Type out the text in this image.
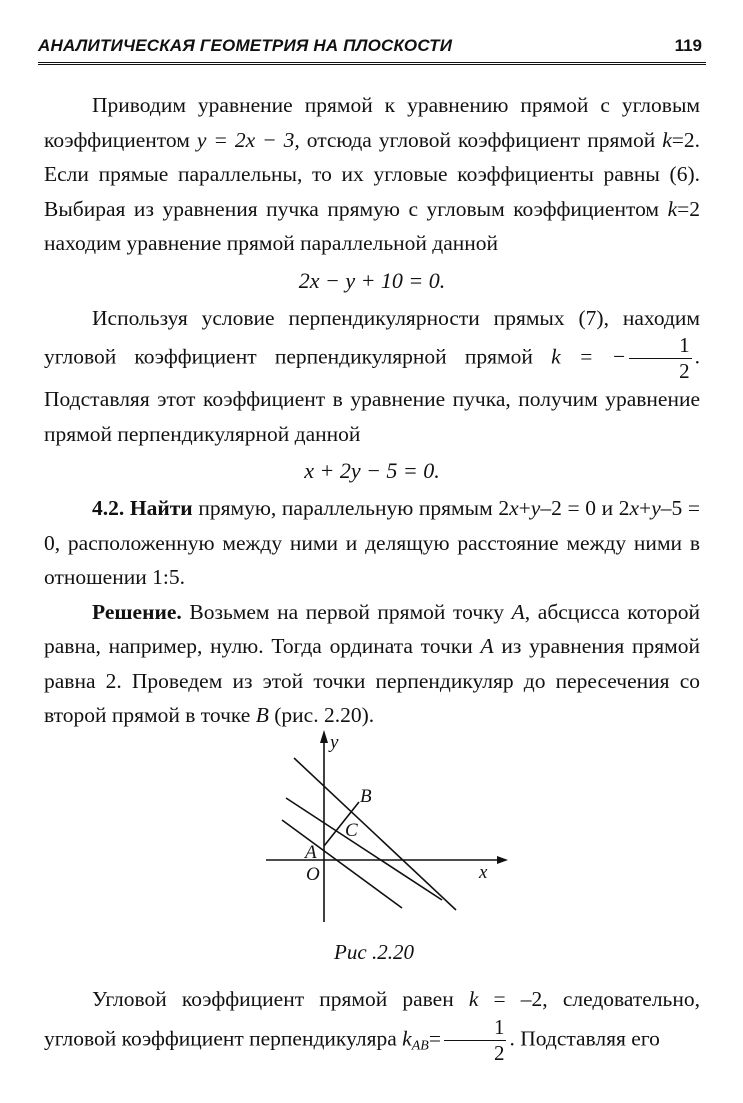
АНАЛИТИЧЕСКАЯ ГЕОМЕТРИЯ НА ПЛОСКОСТИ	119

Приводим уравнение прямой к уравнению прямой с угловым коэффициентом y = 2x − 3, отсюда угловой коэффициент прямой k=2. Если прямые параллельны, то их угловые коэффициенты равны (6). Выбирая из уравнения пучка прямую с угловым коэффициентом k=2 находим уравнение прямой параллельной данной

2x − y + 10 = 0.

Используя условие перпендикулярности прямых (7), находим угловой коэффициент перпендикулярной прямой k = − $\frac{1}{2}$ . Подставляя этот коэффициент в уравнение пучка, получим уравнение прямой перпендикулярной данной

x + 2y − 5 = 0.

4.2. Найти прямую, параллельную прямым 2x+y–2 = 0 и 2x+y–5 = 0, расположенную между ними и делящую расстояние между ними в отношении 1:5.

Решение. Возьмем на первой прямой точку A, абсцисса которой равна, например, нулю. Тогда ордината точки A из уравнения прямой равна 2. Проведем из этой точки перпендикуляр до пересечения со второй прямой в точке B (рис. 2.20).

y
x
O
A
B
C
Рис .2.20

Угловой коэффициент прямой равен k = –2, следовательно, угловой коэффициент перпендикуляра $k_{AB}= \frac{1}{2}$ . Подставляя его
